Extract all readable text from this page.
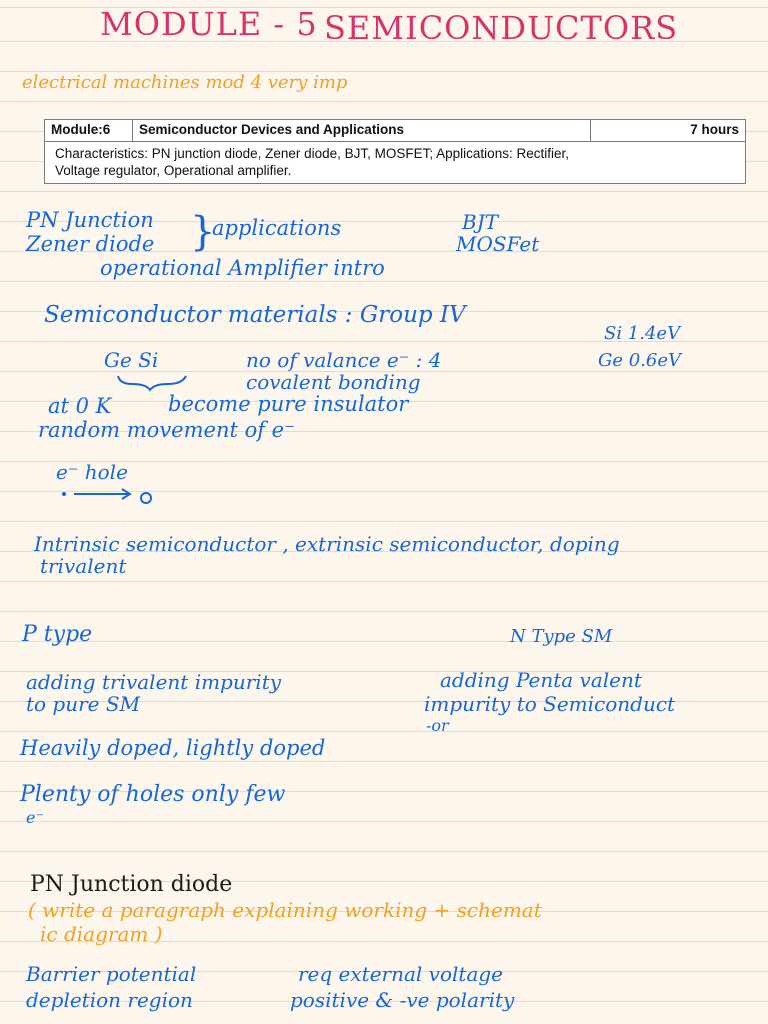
MODULE - 5 SEMICONDUCTORS
electrical machines mod 4 very imp
Module:6	Semiconductor Devices and Applications	7 hours
Characteristics: PN junction diode, Zener diode, BJT, MOSFET; Applications: Rectifier,
Voltage regulator, Operational amplifier.
PN Junction
Zener diode }
applications	BJT
MOSFet
operational Amplifier intro
Semiconductor materials : Group IV
Si 1.4eV
Ge 0.6eV
Ge Si	no of valance e⁻ : 4
covalent bonding
at 0 K	become pure insulator
random movement of e⁻
e⁻ hole
Intrinsic semiconductor , extrinsic semiconductor, doping
trivalent
P type	N Type SM
adding trivalent impurity
to pure SM
adding Penta valent
impurity to Semiconduct
-or
Heavily doped, lightly doped
Plenty of holes only few
e⁻
PN Junction diode
( write a paragraph explaining working + schemat
ic diagram )
Barrier potential	req external voltage
depletion region	positive & -ve polarity
